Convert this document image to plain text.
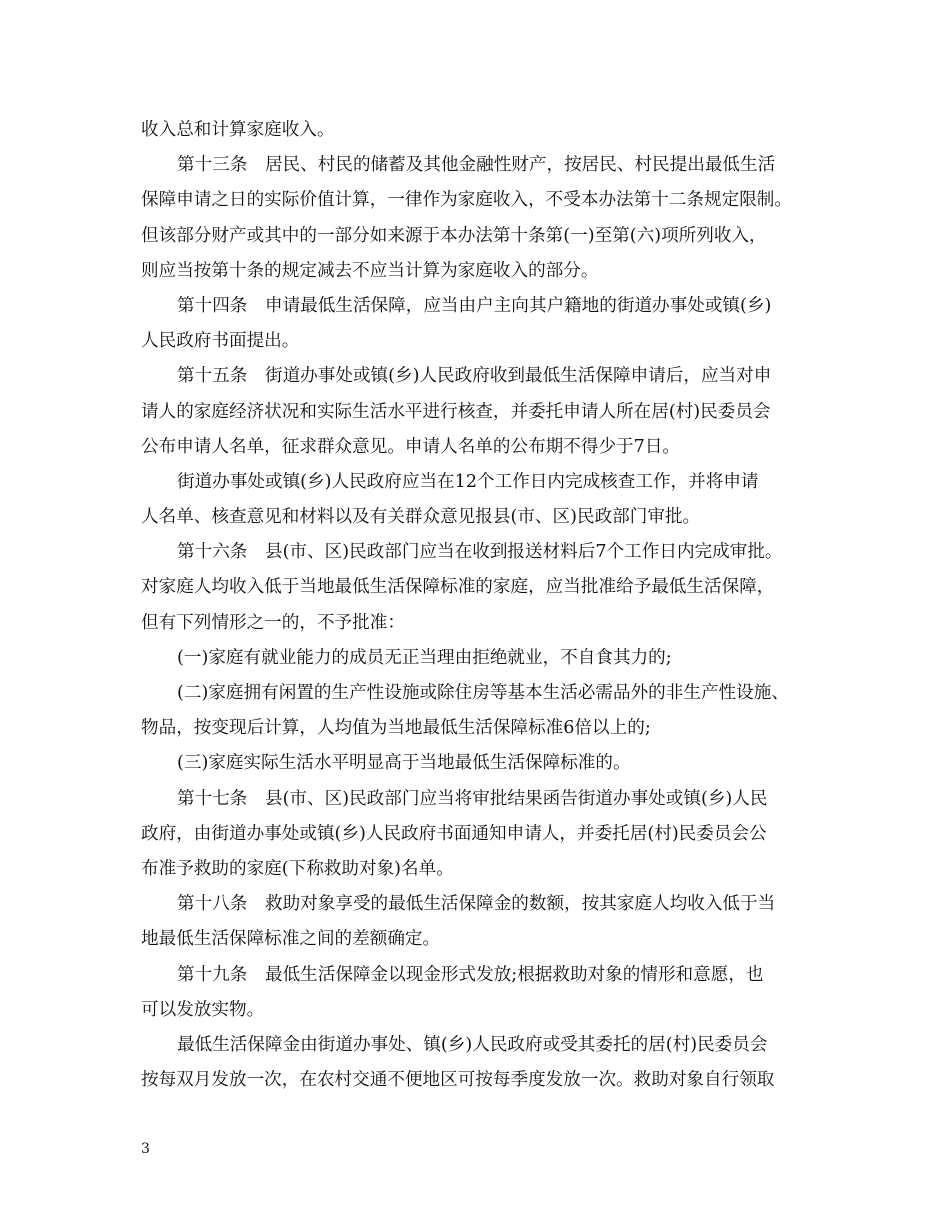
收入总和计算家庭收入。
第十三条　居民、村民的储蓄及其他金融性财产，按居民、村民提出最低生活
保障申请之日的实际价值计算，一律作为家庭收入，不受本办法第十二条规定限制。
但该部分财产或其中的一部分如来源于本办法第十条第(一)至第(六)项所列收入，
则应当按第十条的规定减去不应当计算为家庭收入的部分。
第十四条　申请最低生活保障，应当由户主向其户籍地的街道办事处或镇(乡)
人民政府书面提出。
第十五条　街道办事处或镇(乡)人民政府收到最低生活保障申请后，应当对申
请人的家庭经济状况和实际生活水平进行核查，并委托申请人所在居(村)民委员会
公布申请人名单，征求群众意见。申请人名单的公布期不得少于7日。
街道办事处或镇(乡)人民政府应当在12个工作日内完成核查工作，并将申请
人名单、核查意见和材料以及有关群众意见报县(市、区)民政部门审批。
第十六条　县(市、区)民政部门应当在收到报送材料后7个工作日内完成审批。
对家庭人均收入低于当地最低生活保障标准的家庭，应当批准给予最低生活保障，
但有下列情形之一的，不予批准：
(一)家庭有就业能力的成员无正当理由拒绝就业，不自食其力的;
(二)家庭拥有闲置的生产性设施或除住房等基本生活必需品外的非生产性设施、
物品，按变现后计算，人均值为当地最低生活保障标准6倍以上的;
(三)家庭实际生活水平明显高于当地最低生活保障标准的。
第十七条　县(市、区)民政部门应当将审批结果函告街道办事处或镇(乡)人民
政府，由街道办事处或镇(乡)人民政府书面通知申请人，并委托居(村)民委员会公
布准予救助的家庭(下称救助对象)名单。
第十八条　救助对象享受的最低生活保障金的数额，按其家庭人均收入低于当
地最低生活保障标准之间的差额确定。
第十九条　最低生活保障金以现金形式发放;根据救助对象的情形和意愿，也
可以发放实物。
最低生活保障金由街道办事处、镇(乡)人民政府或受其委托的居(村)民委员会
按每双月发放一次，在农村交通不便地区可按每季度发放一次。救助对象自行领取
3
